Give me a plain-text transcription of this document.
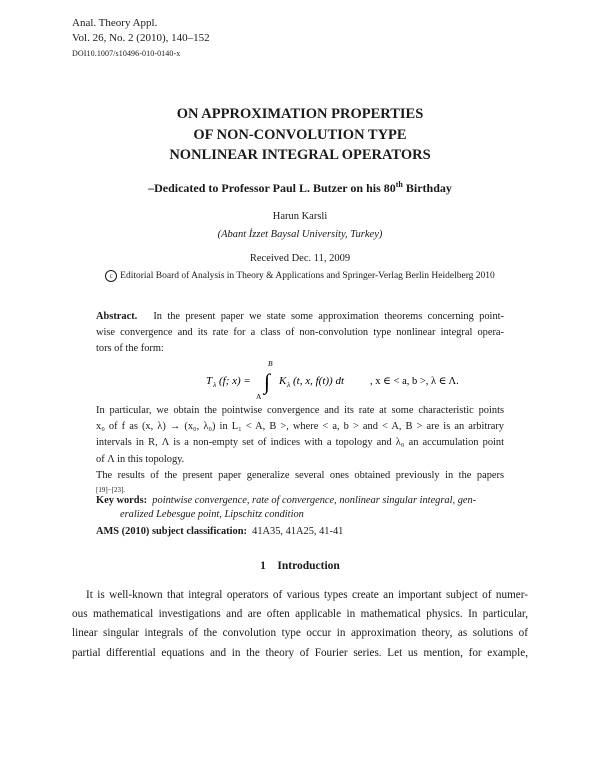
Anal. Theory Appl.
Vol. 26, No. 2 (2010), 140–152
DOI10.1007/s10496-010-0140-x
ON APPROXIMATION PROPERTIES
OF NON-CONVOLUTION TYPE
NONLINEAR INTEGRAL OPERATORS
–Dedicated to Professor Paul L. Butzer on his 80th Birthday
Harun Karsli
(Abant İzzet Baysal University, Turkey)
Received Dec. 11, 2009
c Editorial Board of Analysis in Theory & Applications and Springer-Verlag Berlin Heidelberg 2010
Abstract. In the present paper we state some approximation theorems concerning point-
wise convergence and its rate for a class of non-convolution type nonlinear integral opera-
tors of the form:
T λ (f; x) =
B
∫
A
K λ (t, x, f(t)) dt , x ∈ < a, b >, λ ∈ Λ.
In particular, we obtain the pointwise convergence and its rate at some characteristic points
x₀ of f as (x, λ) → (x₀, λ₀) in L₁ < A, B >, where < a, b > and < A, B > are is an arbitrary
intervals in R, Λ is a non-empty set of indices with a topology and λ₀ an accumulation point
of Λ in this topology.
The results of the present paper generalize several ones obtained previously in the papers
[19]−[23].
Key words: pointwise convergence, rate of convergence, nonlinear singular integral, gen-
eralized Lebesgue point, Lipschitz condition
AMS (2010) subject classification: 41A35, 41A25, 41-41
1 Introduction
It is well-known that integral operators of various types create an important subject of numer-
ous mathematical investigations and are often applicable in mathematical physics. In particular,
linear singular integrals of the convolution type occur in approximation theory, as solutions of
partial differential equations and in the theory of Fourier series. Let us mention, for example,
